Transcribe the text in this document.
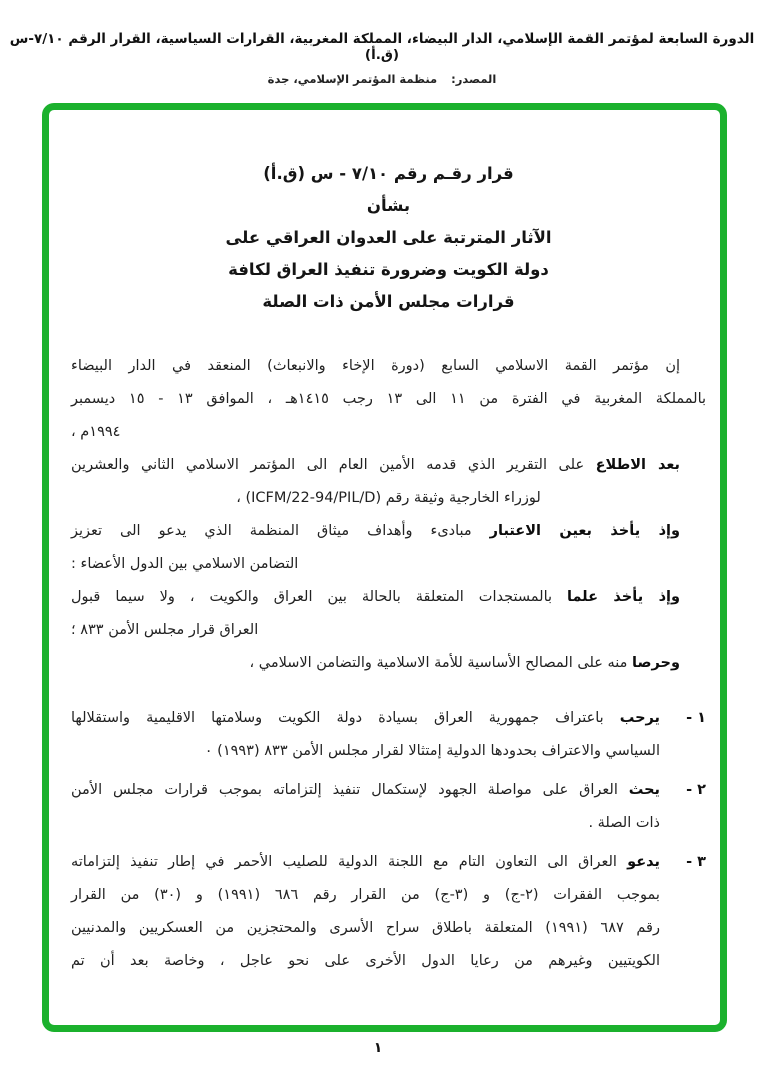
الدورة السابعة لمؤتمر القمة الإسلامي، الدار البيضاء، المملكة المغربية، القرارات السياسية، القرار الرقم ٧/١٠-س (ق.أ)
المصدر:منظمة المؤتمر الإسلامي، جدة
قرار رقـم رقم ٧/١٠ - س (ق.أ)
بشأن
الآثار المترتبة على العدوان العراقي على
دولة الكويت وضرورة تنفيذ العراق لكافة
قرارات مجلس الأمن ذات الصلة
إن مؤتمر القمة الاسلامي السابع (دورة الإخاء والانبعاث) المنعقد في الدار البيضاء
بالمملكة المغربية في الفترة من ١١ الى ١٣ رجب ١٤١٥هـ ، الموافق ١٣ - ١٥ ديسمبر
١٩٩٤م ،
بعد الاطلاع على التقرير الذي قدمه الأمين العام الى المؤتمر الاسلامي الثاني والعشرين
لوزراء الخارجية وثيقة رقم (ICFM/22-94/PIL/D) ،
وإذ يأخذ بعين الاعتبار مبادىء وأهداف ميثاق المنظمة الذي يدعو الى تعزيز
التضامن الاسلامي بين الدول الأعضاء :
وإذ يأخذ علما بالمستجدات المتعلقة بالحالة بين العراق والكويت ، ولا سيما قبول
العراق قرار مجلس الأمن ٨٣٣ ؛
وحرصا منه على المصالح الأساسية للأمة الاسلامية والتضامن الاسلامي ،
١ -
يرحب باعتراف جمهورية العراق بسيادة دولة الكويت وسلامتها الاقليمية واستقلالها
السياسي والاعتراف بحدودها الدولية إمتثالا لقرار مجلس الأمن ٨٣٣ (١٩٩٣) ٠
٢ -
يحث العراق على مواصلة الجهود لإستكمال تنفيذ إلتزاماته بموجب قرارات مجلس الأمن
ذات الصلة .
٣ -
يدعو العراق الى التعاون التام مع اللجنة الدولية للصليب الأحمر في إطار تنفيذ إلتزاماته
بموجب الفقرات (٢-ج) و (٣-ج) من القرار رقم ٦٨٦ (١٩٩١) و (٣٠) من القرار
رقم ٦٨٧ (١٩٩١) المتعلقة باطلاق سراح الأسرى والمحتجزين من العسكريين والمدنيين
الكويتيين وغيرهم من رعايا الدول الأخرى على نحو عاجل ، وخاصة بعد أن تم
١
